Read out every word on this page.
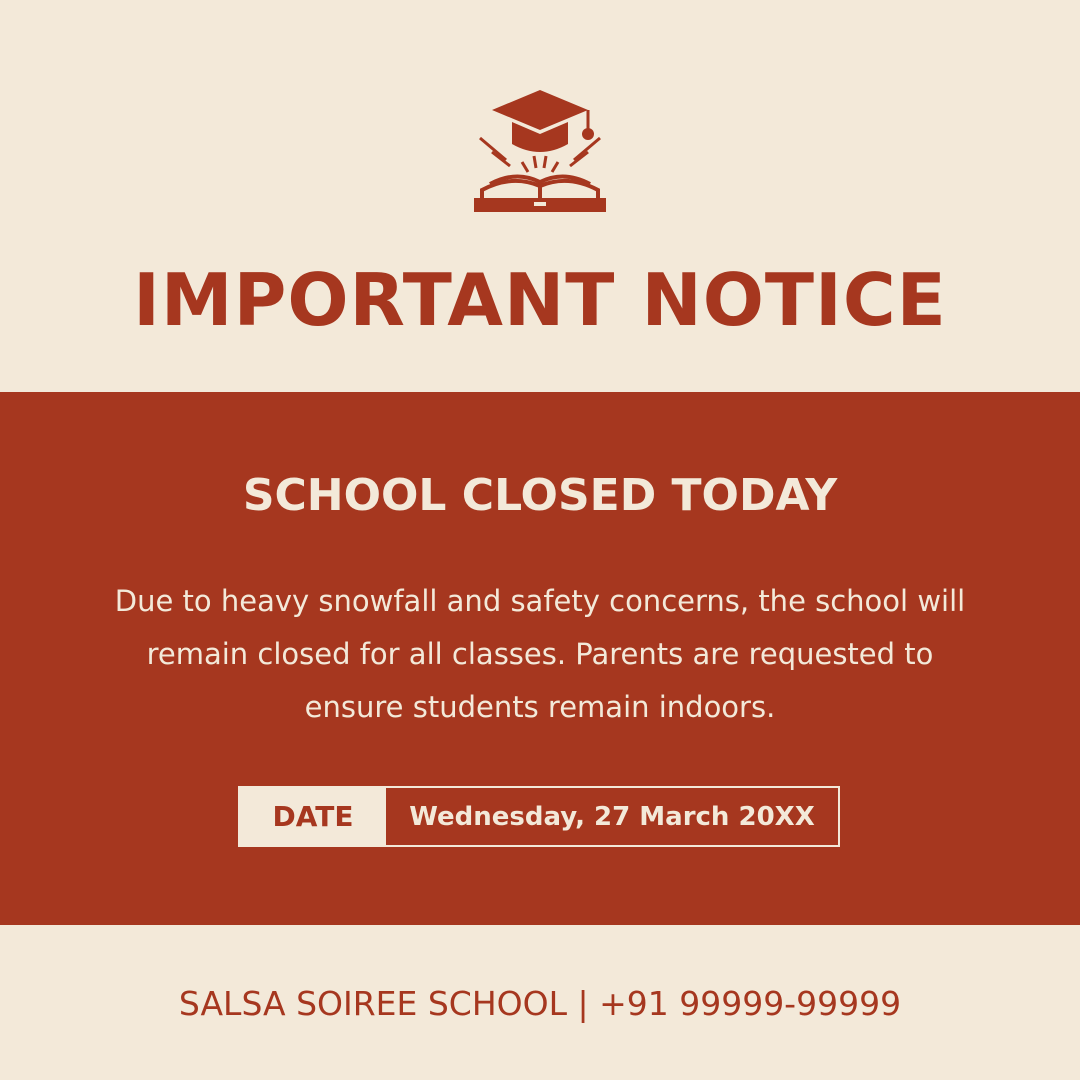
IMPORTANT NOTICE
SCHOOL CLOSED TODAY
Due to heavy snowfall and safety concerns, the school will remain closed for all classes. Parents are requested to ensure students remain indoors.
DATE	Wednesday, 27 March 20XX
SALSA SOIREE SCHOOL | +91 99999-99999
